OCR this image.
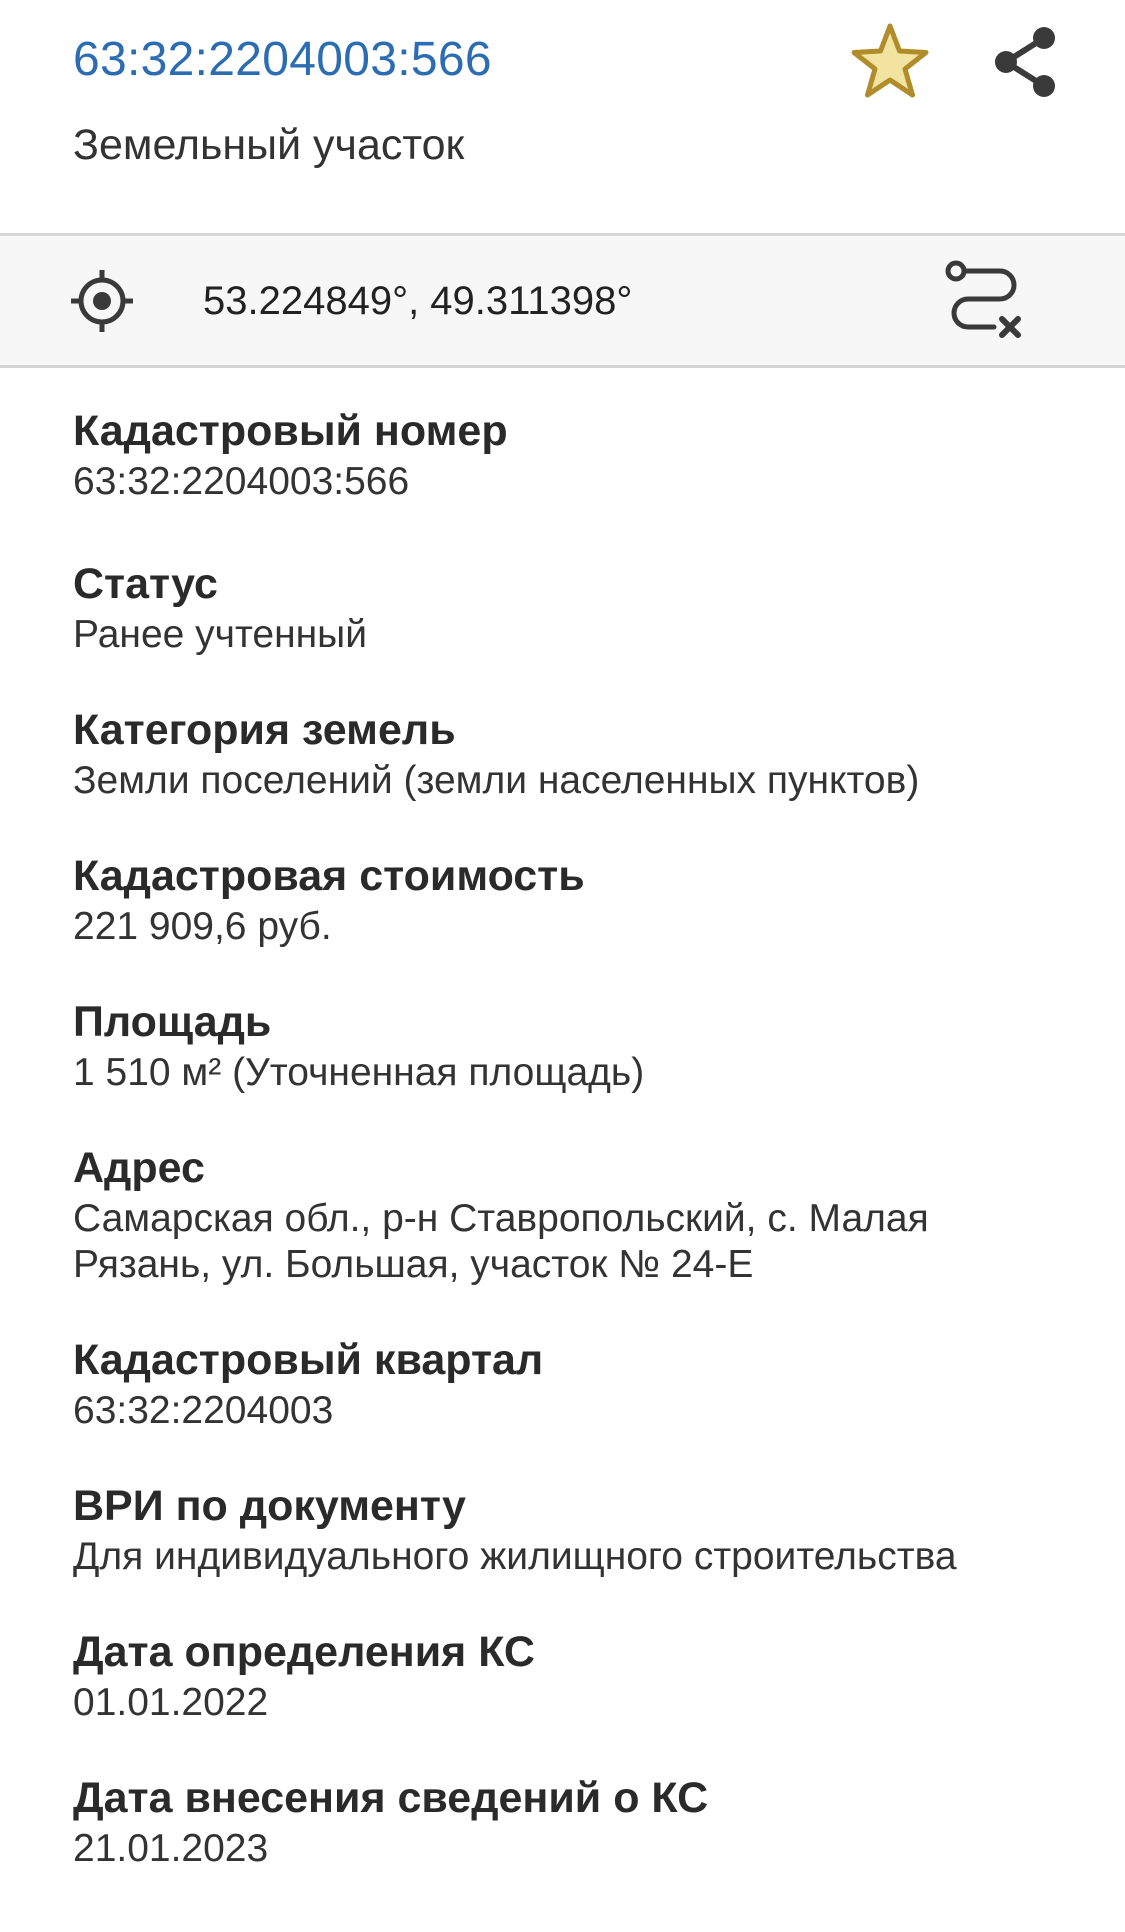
63:32:2204003:566
Земельный участок
53.224849°, 49.311398°
Кадастровый номер
63:32:2204003:566
Статус
Ранее учтенный
Категория земель
Земли поселений (земли населенных пунктов)
Кадастровая стоимость
221 909,6 руб.
Площадь
1 510 м² (Уточненная площадь)
Адрес
Самарская обл., р-н Ставропольский, с. Малая
Рязань, ул. Большая, участок № 24-Е
Кадастровый квартал
63:32:2204003
ВРИ по документу
Для индивидуального жилищного строительства
Дата определения КС
01.01.2022
Дата внесения сведений о КС
21.01.2023
